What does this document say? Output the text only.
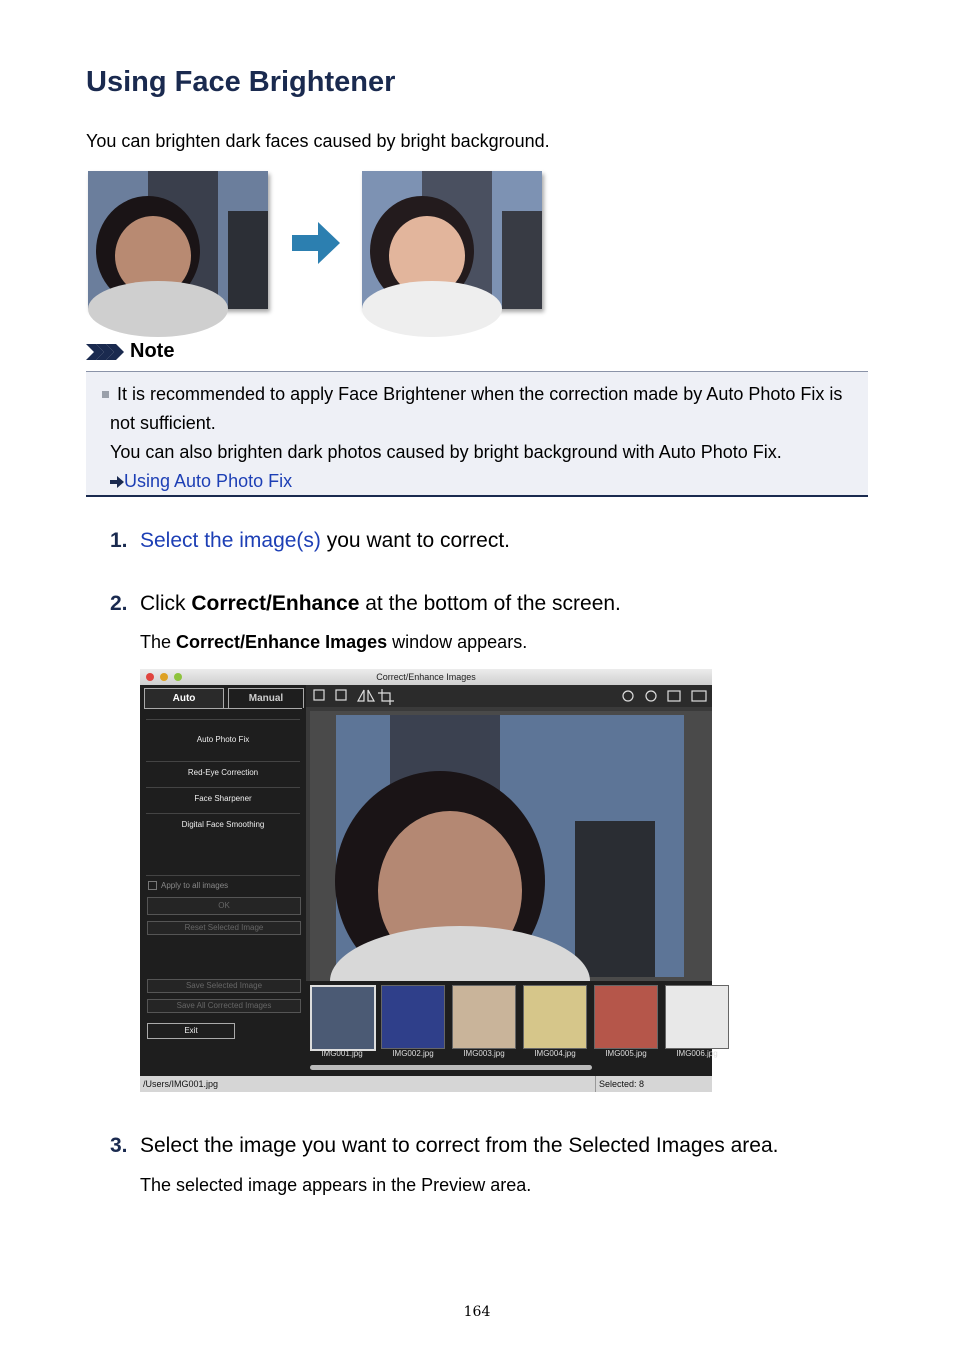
Using Face Brightener
You can brighten dark faces caused by bright background.
Note
It is recommended to apply Face Brightener when the correction made by Auto Photo Fix is not sufficient.
You can also brighten dark photos caused by bright background with Auto Photo Fix.
Using Auto Photo Fix
1. Select the image(s) you want to correct.
2. Click Correct/Enhance at the bottom of the screen.
The Correct/Enhance Images window appears.
Correct/Enhance Images
Auto	Manual
Auto Photo Fix
Red-Eye Correction
Face Sharpener
Digital Face Smoothing
Apply to all images
OK
Reset Selected Image
Save Selected Image
Save All Corrected Images
Exit
IMG001.jpg	IMG002.jpg	IMG003.jpg	IMG004.jpg	IMG005.jpg	IMG006.jpg
/Users/IMG001.jpg	Selected: 8
3. Select the image you want to correct from the Selected Images area.
The selected image appears in the Preview area.
164
